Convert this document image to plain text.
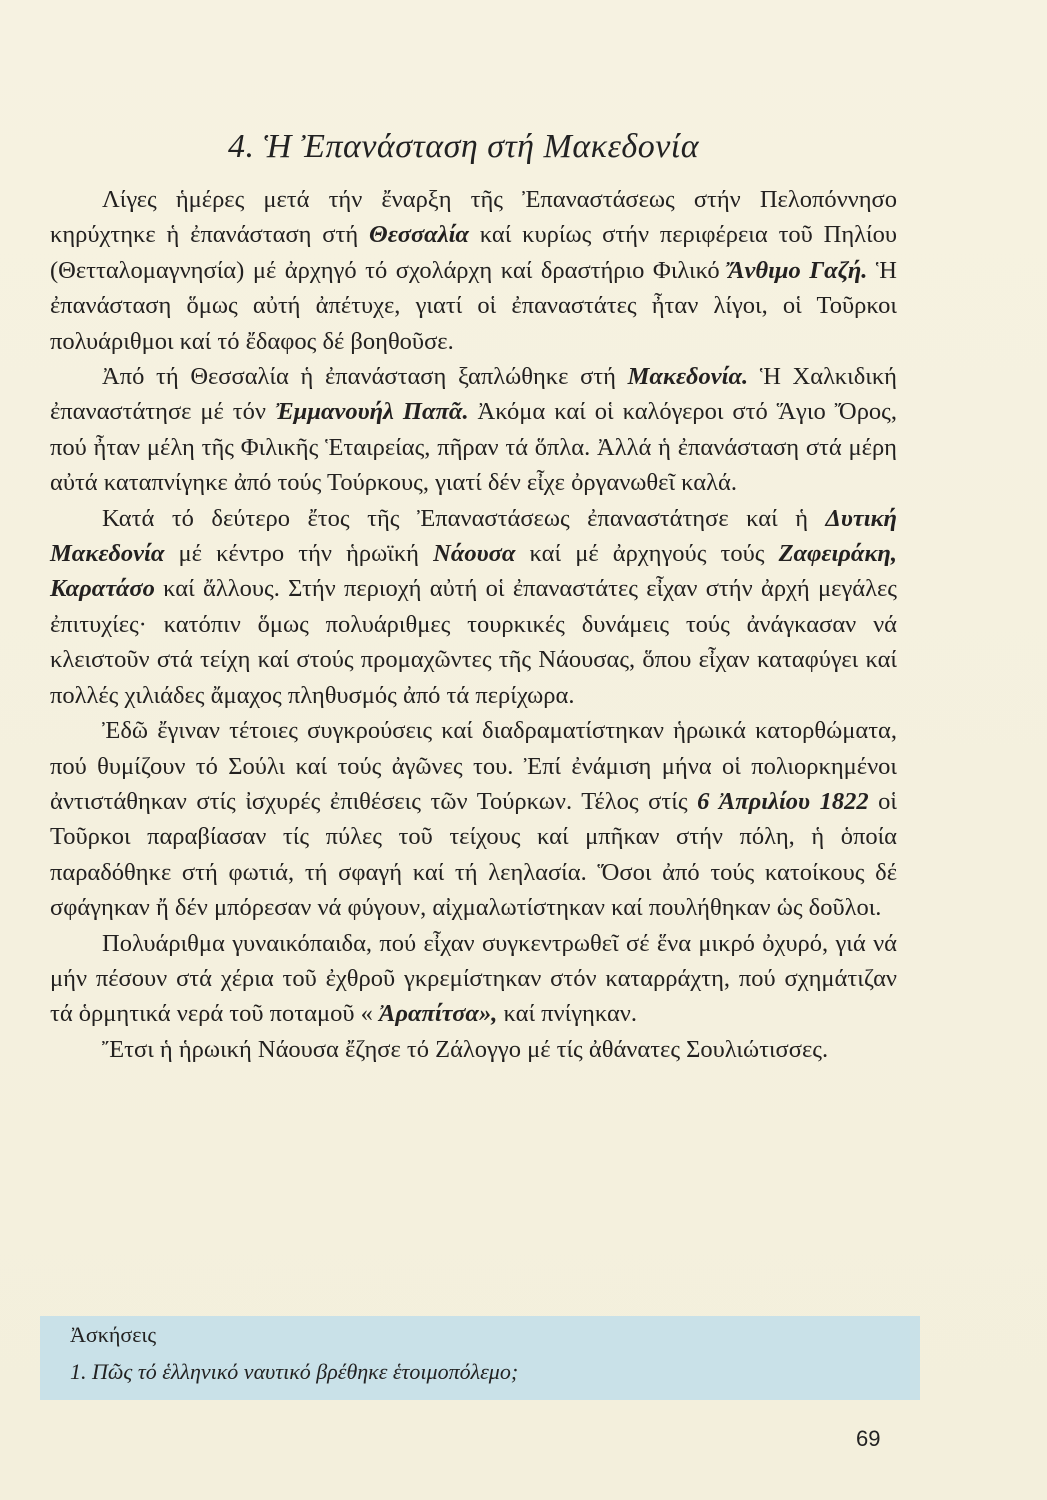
4. Ἡ Ἐπανάσταση στή Μακεδονία

Λίγες ἡμέρες μετά τήν ἔναρξη τῆς Ἐπαναστάσεως στήν Πελοπόννησο κηρύχτηκε ἡ ἐπανάσταση στή Θεσσαλία καί κυρίως στήν περιφέρεια τοῦ Πηλίου (Θετταλομαγνησία) μέ ἀρχηγό τό σχολάρχη καί δραστήριο Φιλικό Ἄνθιμο Γαζή. Ἡ ἐπανάσταση ὅμως αὐτή ἀπέτυχε, γιατί οἱ ἐπαναστάτες ἦταν λίγοι, οἱ Τοῦρκοι πολυάριθμοι καί τό ἔδαφος δέ βοηθοῦσε.

Ἀπό τή Θεσσαλία ἡ ἐπανάσταση ξαπλώθηκε στή Μακεδονία. Ἡ Χαλκιδική ἐπαναστάτησε μέ τόν Ἐμμανουήλ Παπᾶ. Ἀκόμα καί οἱ καλόγεροι στό Ἅγιο Ὄρος, πού ἦταν μέλη τῆς Φιλικῆς Ἑταιρείας, πῆραν τά ὅπλα. Ἀλλά ἡ ἐπανάσταση στά μέρη αὐτά καταπνίγηκε ἀπό τούς Τούρκους, γιατί δέν εἶχε ὀργανωθεῖ καλά.

Κατά τό δεύτερο ἔτος τῆς Ἐπαναστάσεως ἐπαναστάτησε καί ἡ Δυτική Μακεδονία μέ κέντρο τήν ἡρωϊκή Νάουσα καί μέ ἀρχηγούς τούς Ζαφειράκη, Καρατάσο καί ἄλλους. Στήν περιοχή αὐτή οἱ ἐπαναστάτες εἶχαν στήν ἀρχή μεγάλες ἐπιτυχίες· κατόπιν ὅμως πολυάριθμες τουρκικές δυνάμεις τούς ἀνάγκασαν νά κλειστοῦν στά τείχη καί στούς προμαχῶντες τῆς Νάουσας, ὅπου εἶχαν καταφύγει καί πολλές χιλιάδες ἄμαχος πληθυσμός ἀπό τά περίχωρα.

Ἐδῶ ἔγιναν τέτοιες συγκρούσεις καί διαδραματίστηκαν ἡρωικά κατορθώματα, πού θυμίζουν τό Σούλι καί τούς ἀγῶνες του. Ἐπί ἐνάμιση μήνα οἱ πολιορκημένοι ἀντιστάθηκαν στίς ἰσχυρές ἐπιθέσεις τῶν Τούρκων. Τέλος στίς 6 Ἀπριλίου 1822 οἱ Τοῦρκοι παραβίασαν τίς πύλες τοῦ τείχους καί μπῆκαν στήν πόλη, ἡ ὁποία παραδόθηκε στή φωτιά, τή σφαγή καί τή λεηλασία. Ὅσοι ἀπό τούς κατοίκους δέ σφάγηκαν ἤ δέν μπόρεσαν νά φύγουν, αἰχμαλωτίστηκαν καί πουλήθηκαν ὡς δοῦλοι.

Πολυάριθμα γυναικόπαιδα, πού εἶχαν συγκεντρωθεῖ σέ ἕνα μικρό ὀχυρό, γιά νά μήν πέσουν στά χέρια τοῦ ἐχθροῦ γκρεμίστηκαν στόν καταρράχτη, πού σχημάτιζαν τά ὁρμητικά νερά τοῦ ποταμοῦ « Ἀραπίτσα», καί πνίγηκαν.

Ἔτσι ἡ ἡρωική Νάουσα ἔζησε τό Ζάλογγο μέ τίς ἀθάνατες Σουλιώτισσες.

Ἀσκήσεις
1. Πῶς τό ἑλληνικό ναυτικό βρέθηκε ἑτοιμοπόλεμο;
69
